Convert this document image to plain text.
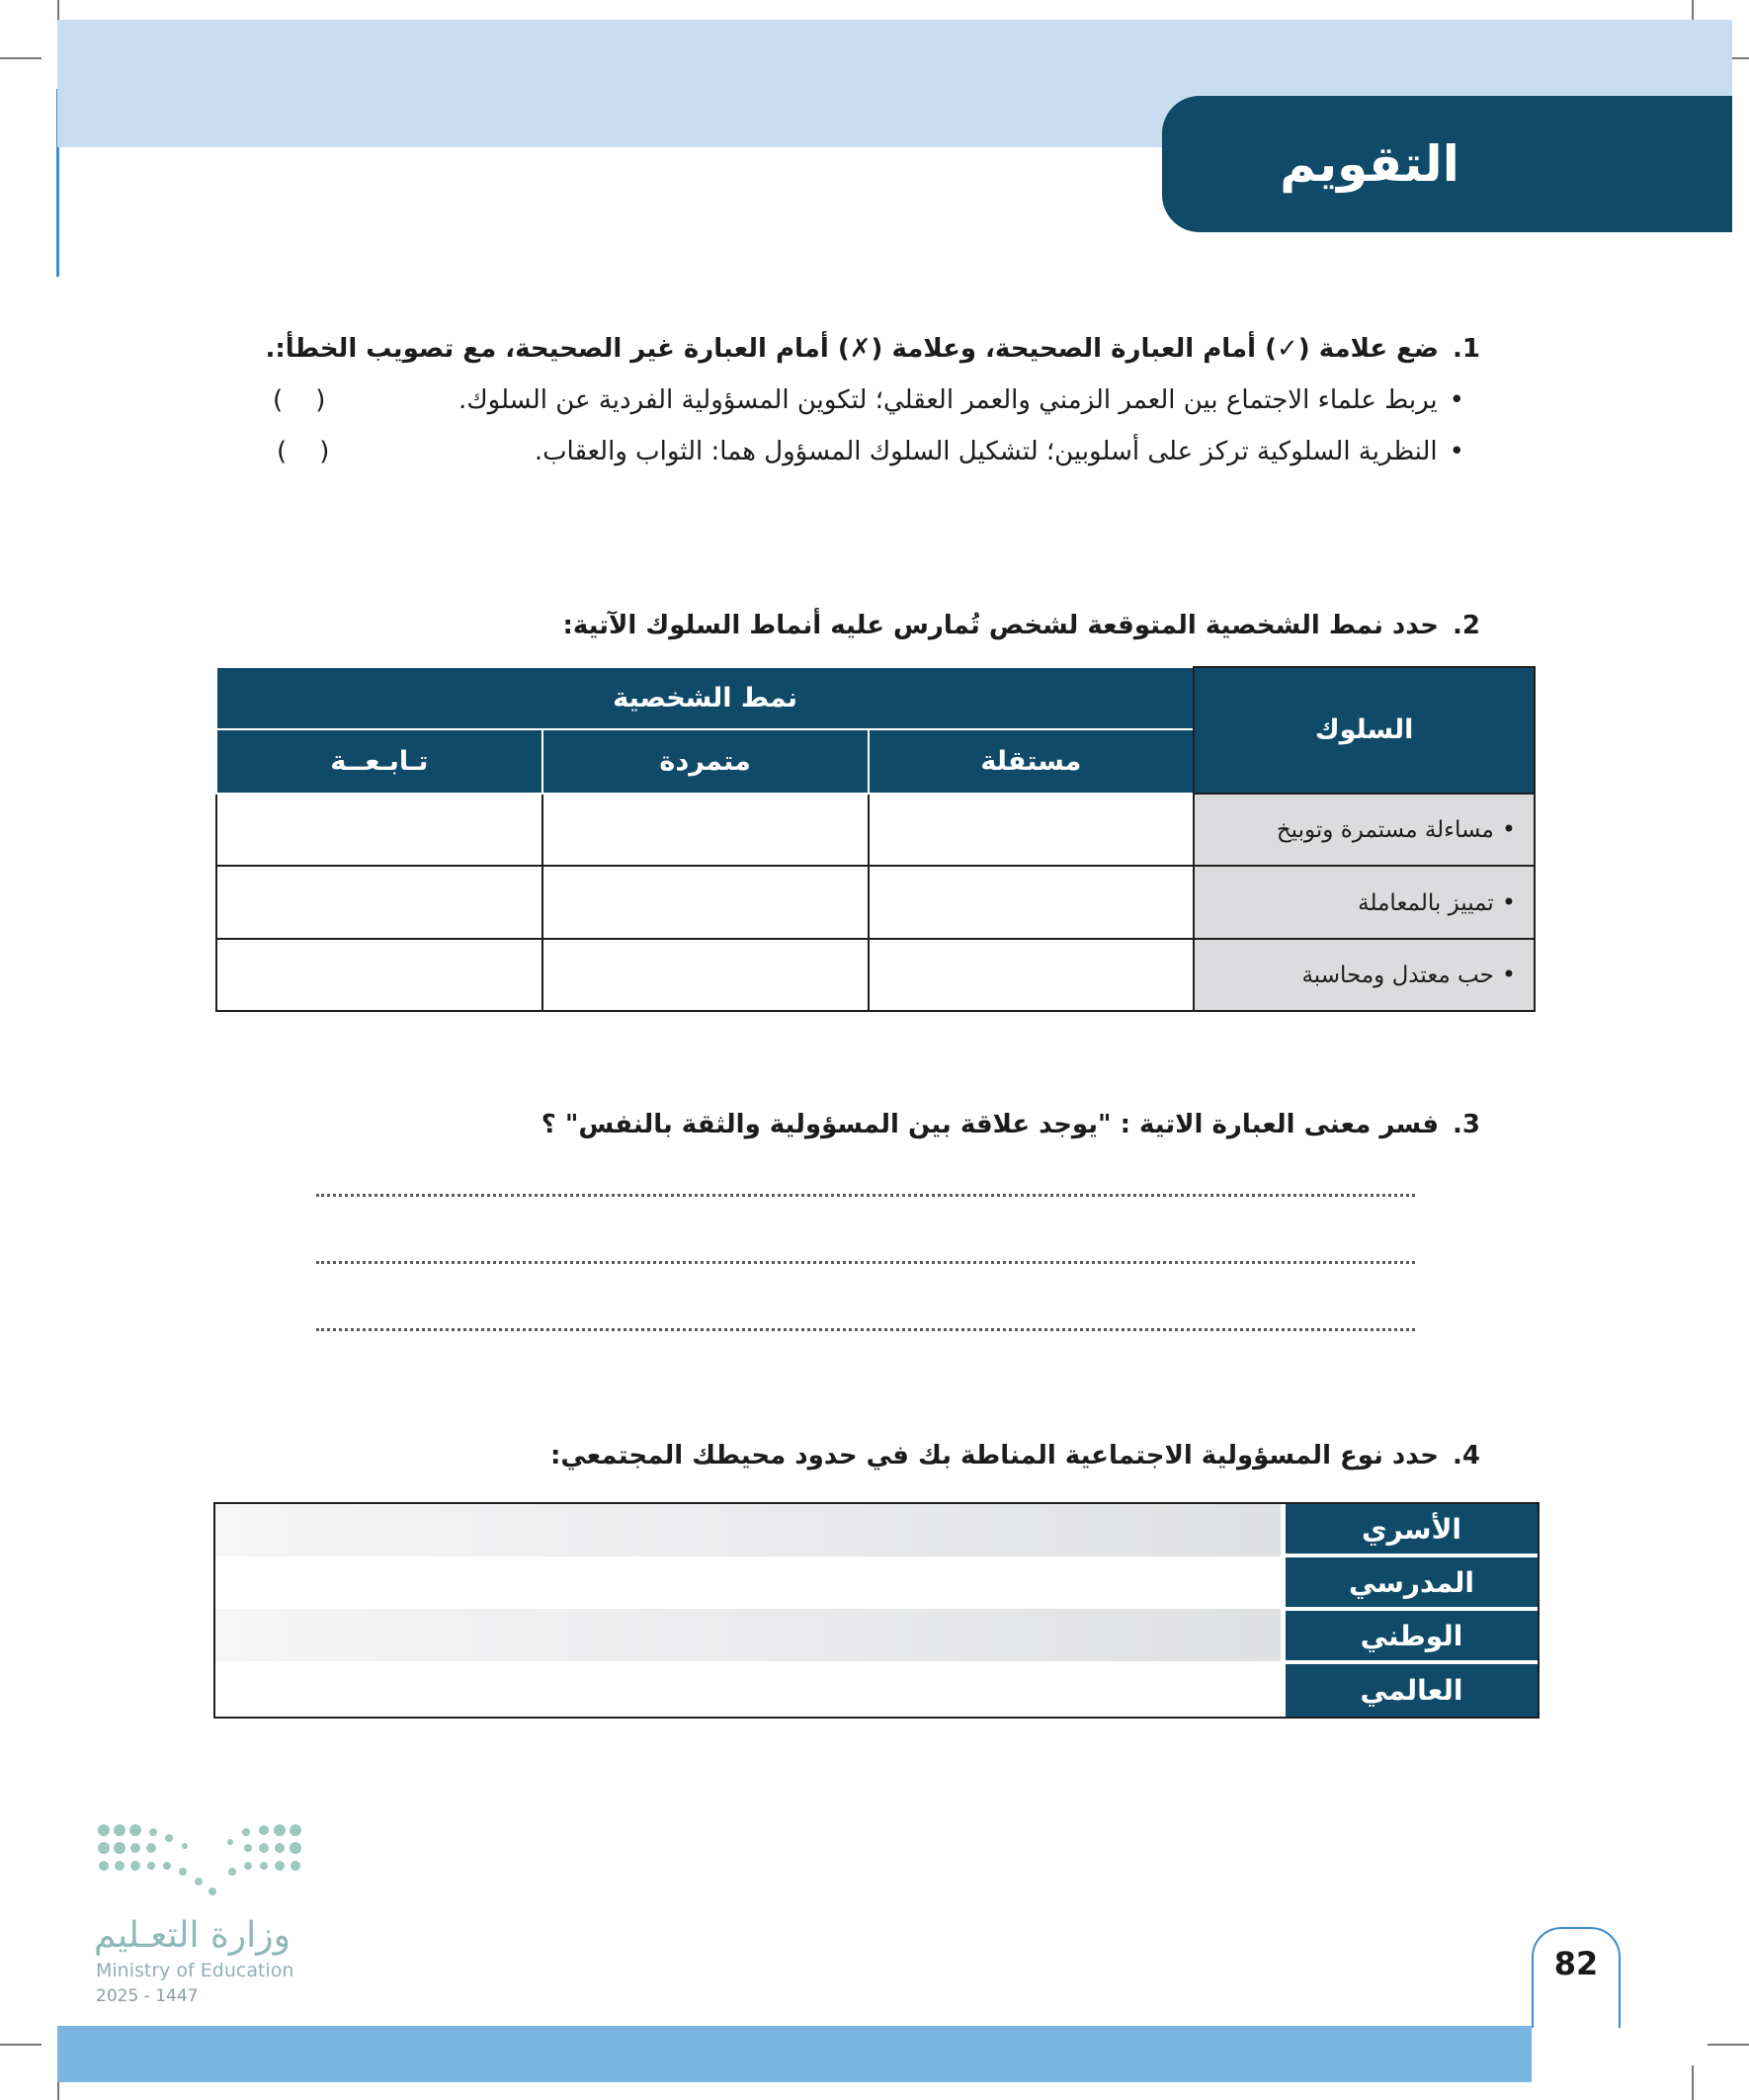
التقويم
1.ضع علامة (✓) أمام العبارة الصحيحة، وعلامة (✗) أمام العبارة غير الصحيحة، مع تصويب الخطأ:.
• يربط علماء الاجتماع بين العمر الزمني والعمر العقلي؛ لتكوين المسؤولية الفردية عن السلوك.
(    )
• النظرية السلوكية تركز على أسلوبين؛ لتشكيل السلوك المسؤول هما: الثواب والعقاب.
(    )
2.حدد نمط الشخصية المتوقعة لشخص تُمارس عليه أنماط السلوك الآتية:
السلوك	نمط الشخصية		
	مستقلة	متمردة	تـابـعــة
• مساءلة مستمرة وتوبيخ			
• تمييز بالمعاملة			
• حب معتدل ومحاسبة			
3.فسر معنى العبارة الاتية : "يوجد علاقة بين المسؤولية والثقة بالنفس" ؟
4.حدد نوع المسؤولية الاجتماعية المناطة بك في حدود محيطك المجتمعي:
الأسري
المدرسي
الوطني
العالمي
وزارة التعـليم
Ministry of Education
2025 - 1447
82
